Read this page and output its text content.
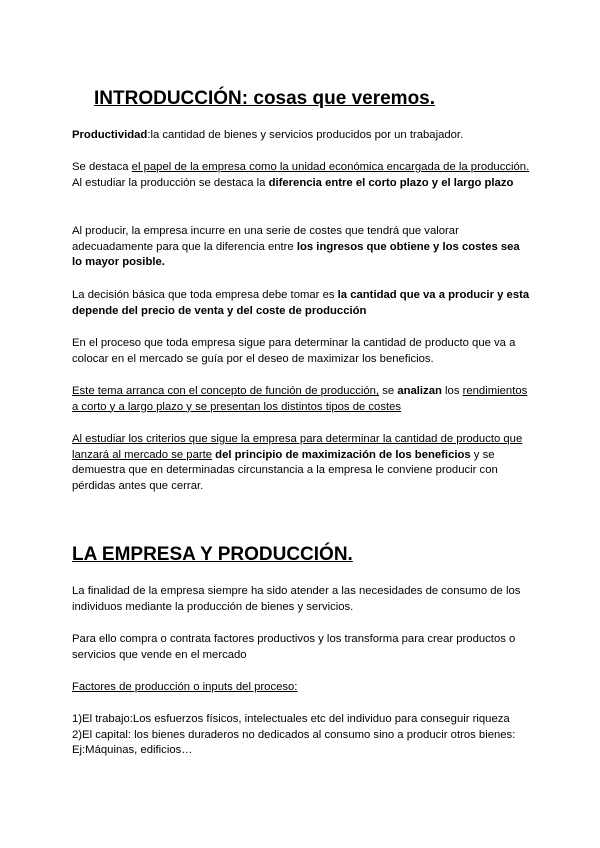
INTRODUCCIÓN: cosas que veremos.
Productividad:la cantidad de bienes y servicios producidos por un trabajador.
Se destaca el papel de la empresa como la unidad económica encargada de la producción. Al estudiar la producción se destaca la diferencia entre el corto plazo y el largo plazo
Al producir, la empresa incurre en una serie de costes que tendrá que valorar adecuadamente para que la diferencia entre los ingresos que obtiene y los costes sea lo mayor posible.
La decisión básica que toda empresa debe tomar es la cantidad que va a producir y esta depende del precio de venta y del coste de producción
En el proceso que toda empresa sigue para determinar la cantidad de producto que va a colocar en el mercado se guía por el deseo de maximizar los beneficios.
Este tema arranca con el concepto de función de producción, se analizan los rendimientos a corto y a largo plazo y se presentan los distintos tipos de costes
Al estudiar los criterios que sigue la empresa para determinar la cantidad de producto que lanzará al mercado se parte del principio de maximización de los beneficios y se demuestra que en determinadas circunstancia a la empresa le conviene producir con pérdidas antes que cerrar.
LA EMPRESA Y PRODUCCIÓN.
La finalidad de la empresa siempre ha sido atender a las necesidades de consumo de los individuos mediante la producción de bienes y servicios.
Para ello compra o contrata factores productivos y los transforma para crear productos o servicios que vende en el mercado
Factores de producción o inputs del proceso:

1)El trabajo:Los esfuerzos físicos, intelectuales etc del individuo para conseguir riqueza

2)El capital: los bienes duraderos no dedicados al consumo sino a producir otros bienes: Ej:Máquinas, edificios…
